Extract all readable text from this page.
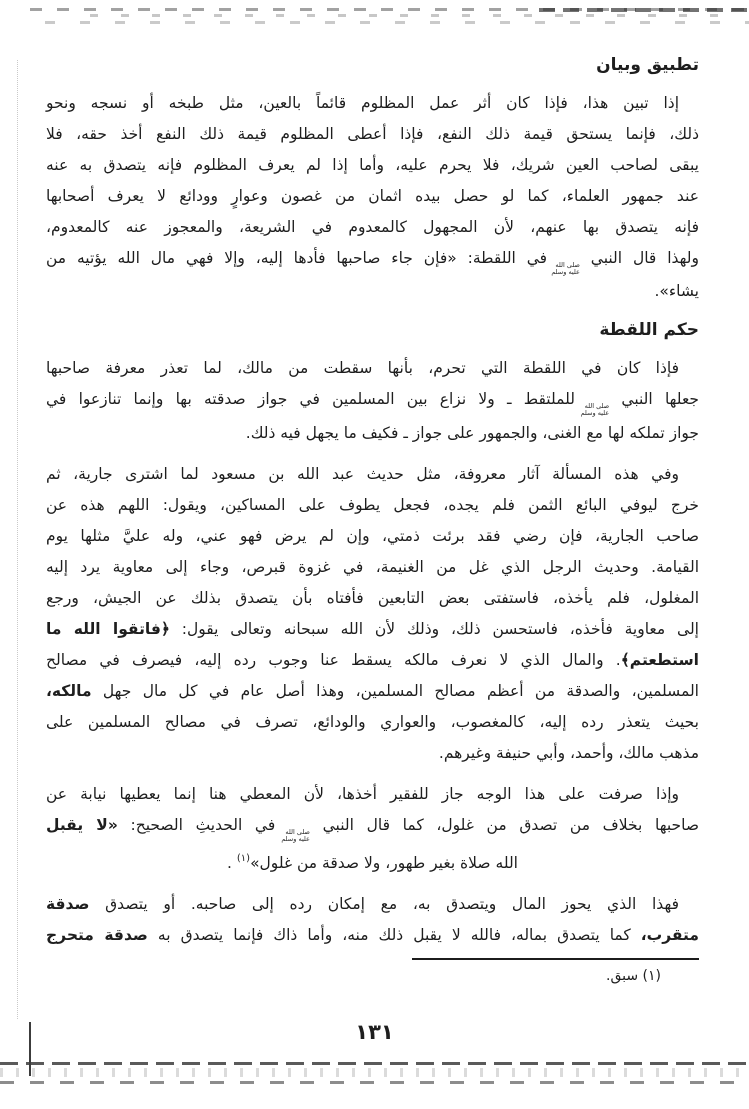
تطبيق وبيان
إذا تبين هذا، فإذا كان أثر عمل المظلوم قائماً بالعين، مثل طبخه أو نسجه ونحو
ذلك، فإنما يستحق قيمة ذلك النفع، فإذا أعطى المظلوم قيمة ذلك النفع أخذ حقه، فلا
يبقى لصاحب العين شريك، فلا يحرم عليه، وأما إذا لم يعرف المظلوم فإنه يتصدق به عنه
عند جمهور العلماء، كما لو حصل بيده اثمان من غصون وعوارٍ وودائع لا يعرف أصحابها
فإنه يتصدق بها عنهم، لأن المجهول كالمعدوم في الشريعة، والمعجوز عنه كالمعدوم،
ولهذا قال النبي
صلى الله
عليه وسلم
في اللقطة: «فإن جاء صاحبها فأدها إليه، وإلا فهي مال الله يؤتيه من
يشاء».
حكم اللقطة
فإذا كان في اللقطة التي تحرم، بأنها سقطت من مالك، لما تعذر معرفة صاحبها
جعلها النبي
صلى الله
عليه وسلم
للملتقط ـ ولا نزاع بين المسلمين في جواز صدقته بها وإنما تنازعوا في
جواز تملكه لها مع الغنى، والجمهور على جواز ـ فكيف ما يجهل فيه ذلك.
وفي هذه المسألة آثار معروفة، مثل حديث عبد الله بن مسعود لما اشترى جارية، ثم
خرج ليوفي البائع الثمن فلم يجده، فجعل يطوف على المساكين، ويقول: اللهم هذه عن
صاحب الجارية، فإن رضي فقد برئت ذمتي، وإن لم يرض فهو عني، وله عليَّ مثلها يوم
القيامة. وحديث الرجل الذي غل من الغنيمة، في غزوة قبرص، وجاء إلى معاوية يرد إليه
المغلول، فلم يأخذه، فاستفتى بعض التابعين فأفتاه بأن يتصدق بذلك عن الجيش، ورجع
إلى معاوية فأخذه، فاستحسن ذلك، وذلك لأن الله سبحانه وتعالى يقول: ﴿فاتقوا الله ما
استطعتم﴾. والمال الذي لا نعرف مالكه يسقط عنا وجوب رده إليه، فيصرف في مصالح
المسلمين، والصدقة من أعظم مصالح المسلمين، وهذا أصل عام في كل مال جهل مالكه،
بحيث يتعذر رده إليه، كالمغصوب، والعواري والودائع، تصرف في مصالح المسلمين على
مذهب مالك، وأحمد، وأبي حنيفة وغيرهم.
وإذا صرفت على هذا الوجه جاز للفقير أخذها، لأن المعطي هنا إنما يعطيها نيابة عن
صاحبها بخلاف من تصدق من غلول، كما قال النبي
صلى الله
عليه وسلم
في الحديثِ الصحيح: «لا يقبل
الله صلاة بغير طهور، ولا صدقة من غلول»$^{(١)}$ .
فهذا الذي يحوز المال ويتصدق به، مع إمكان رده إلى صاحبه. أو يتصدق صدقة
متقرب، كما يتصدق بماله، فالله لا يقبل ذلك منه، وأما ذاك فإنما يتصدق به صدقة متحرج
(١) سبق.
١٣١
